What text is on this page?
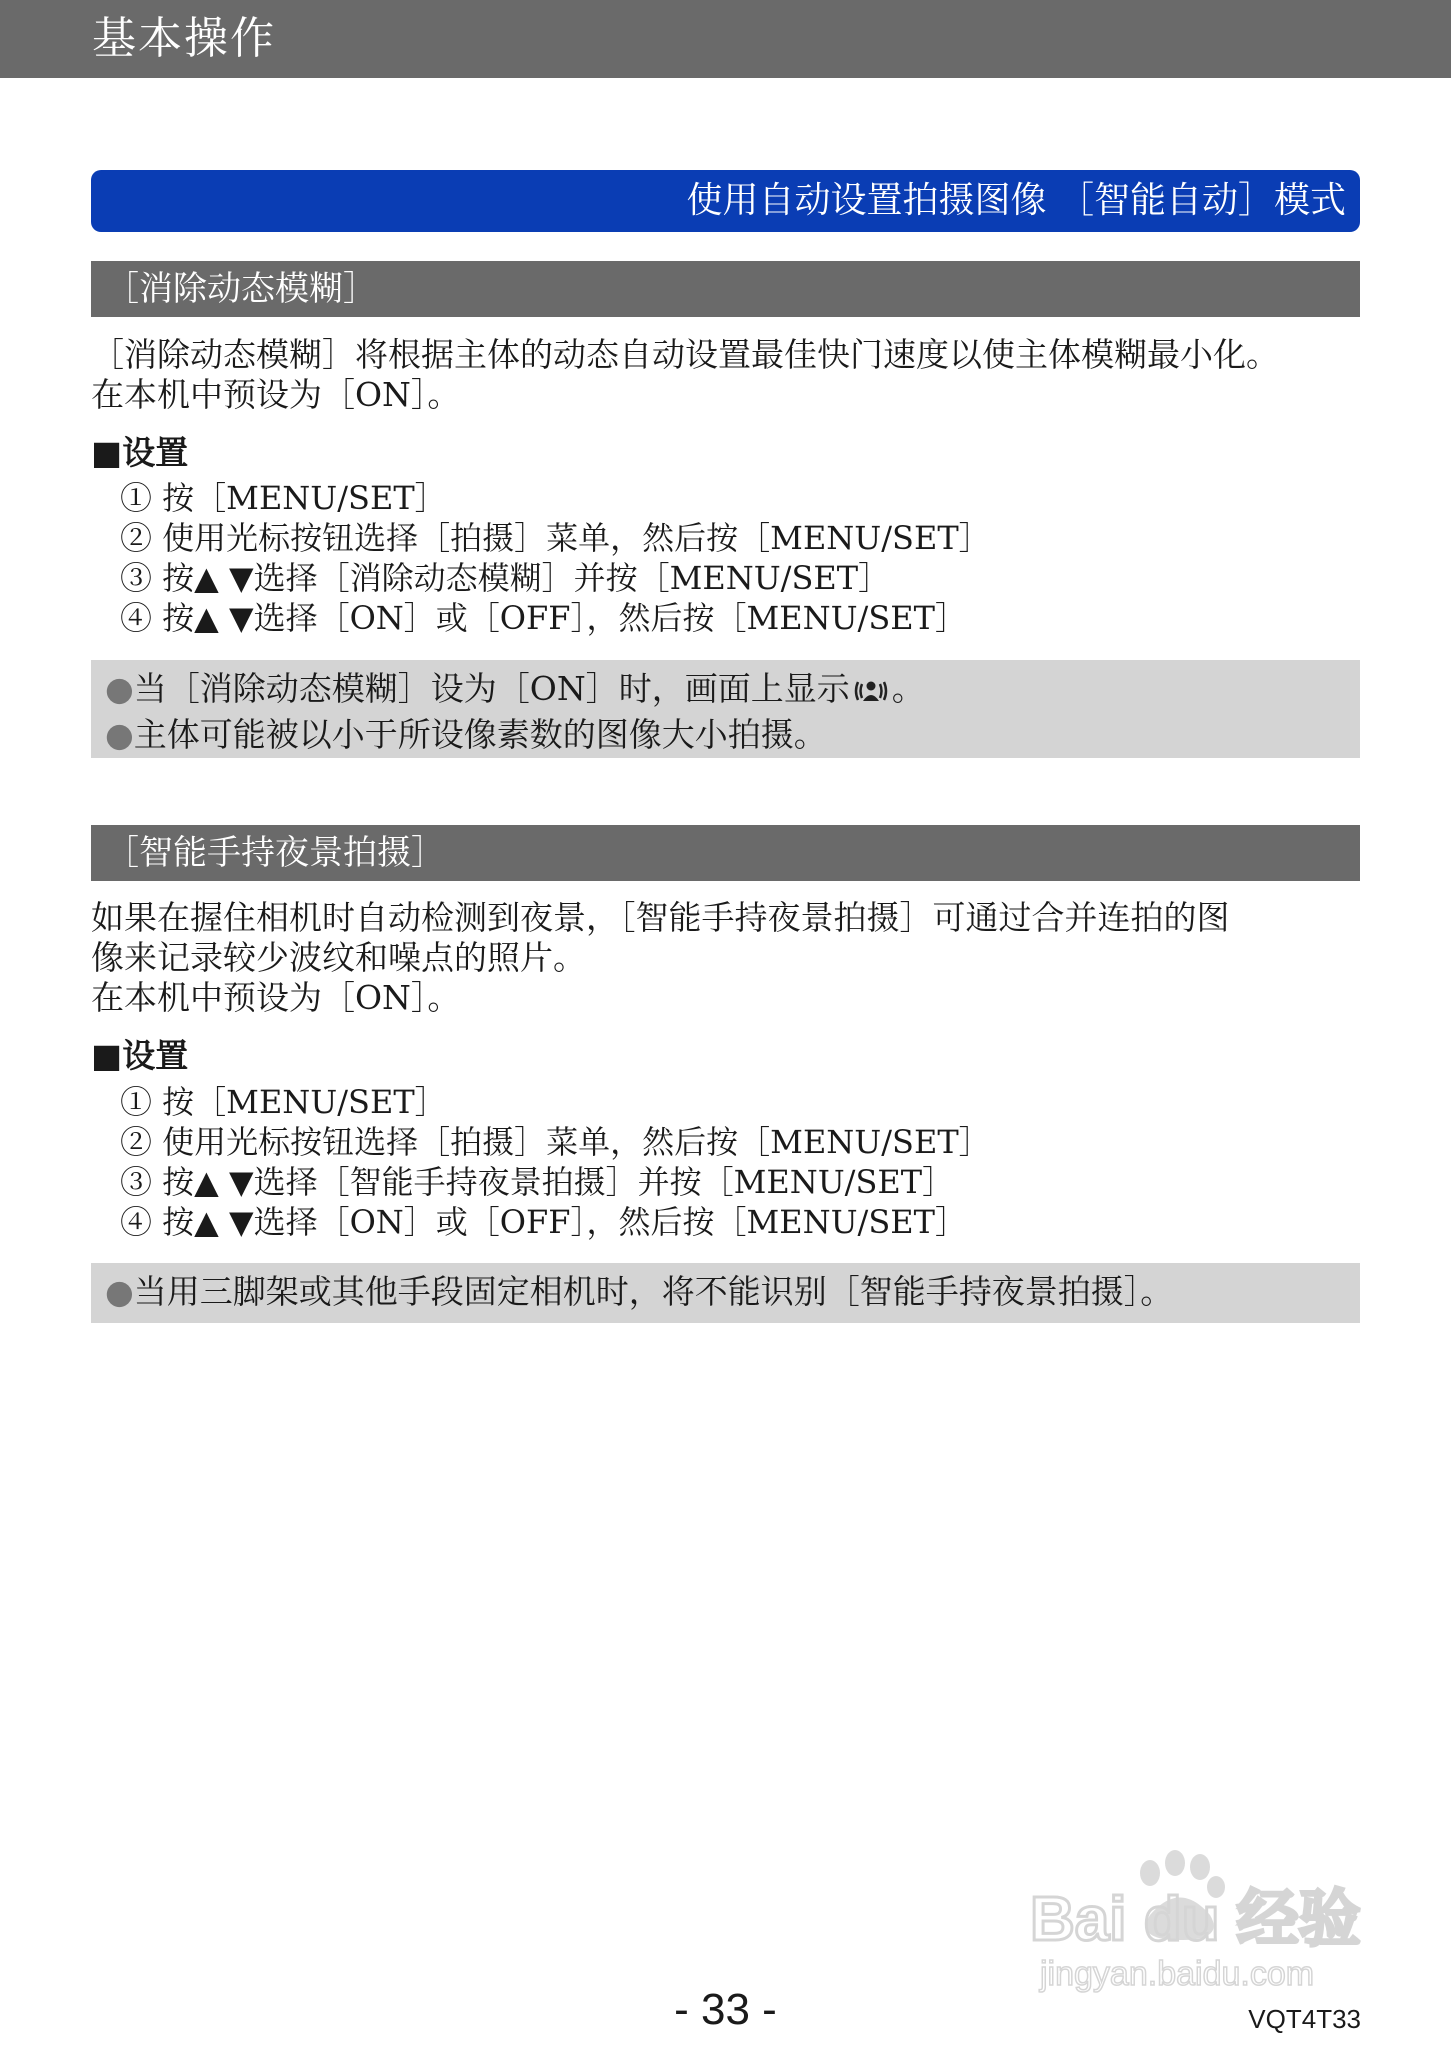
基本操作
使用自动设置拍摄图像 ［智能自动］模式
［消除动态模糊］
［消除动态模糊］将根据主体的动态自动设置最佳快门速度以使主体模糊最小化。
在本机中预设为［ON］。
■设置
① 按［MENU/SET］
② 使用光标按钮选择［拍摄］菜单，然后按［MENU/SET］
③ 按▲ ▼选择［消除动态模糊］并按［MENU/SET］
④ 按▲ ▼选择［ON］或［OFF］，然后按［MENU/SET］
●当［消除动态模糊］设为［ON］时，画面上显示 。
●主体可能被以小于所设像素数的图像大小拍摄。
［智能手持夜景拍摄］
如果在握住相机时自动检测到夜景，［智能手持夜景拍摄］可通过合并连拍的图
像来记录较少波纹和噪点的照片。
在本机中预设为［ON］。
■设置
① 按［MENU/SET］
② 使用光标按钮选择［拍摄］菜单，然后按［MENU/SET］
③ 按▲ ▼选择［智能手持夜景拍摄］并按［MENU/SET］
④ 按▲ ▼选择［ON］或［OFF］，然后按［MENU/SET］
●当用三脚架或其他手段固定相机时，将不能识别［智能手持夜景拍摄］。
Bai du 经验
jingyan.baidu.com
- 33 -	VQT4T33
